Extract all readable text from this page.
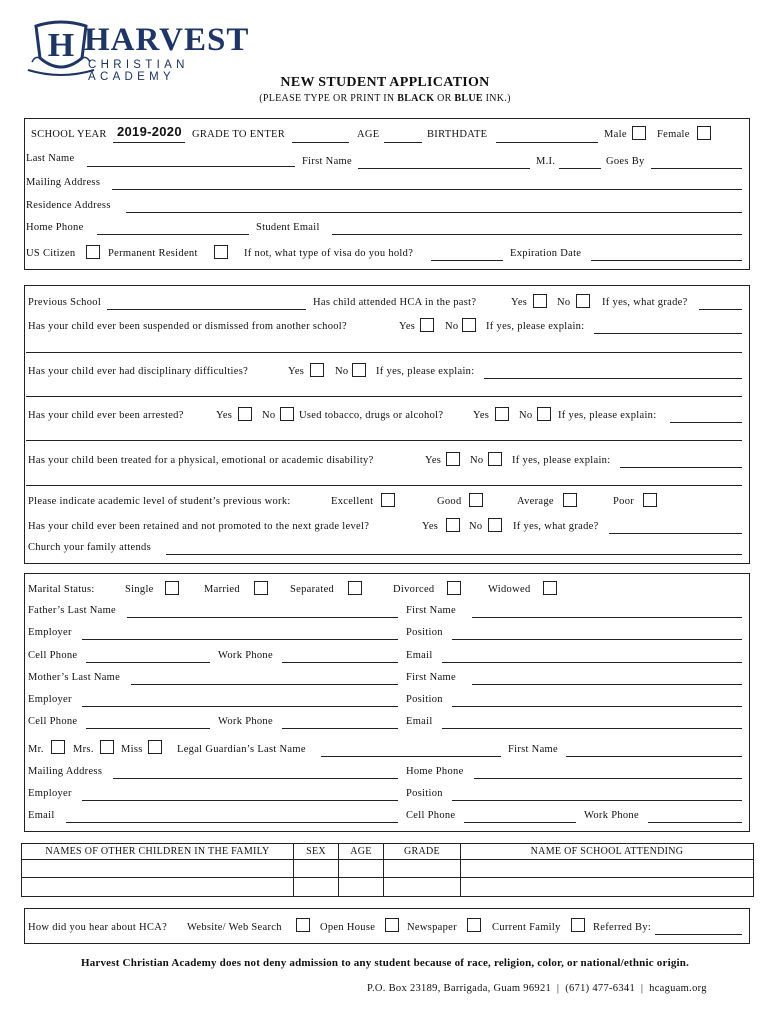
H HARVEST
CHRISTIAN ACADEMY	NEW STUDENT APPLICATION
(PLEASE TYPE OR PRINT IN BLACK OR BLUE INK.)
SCHOOL YEAR 2019-2020 GRADE TO ENTER	AGE	BIRTHDATE	Male	Female
Last Name	First Name	M.I.	Goes By
Mailing Address
Residence Address
Home Phone	Student Email
US Citizen	Permanent Resident	If not, what type of visa do you hold?	Expiration Date
Previous School	Has child attended HCA in the past?	Yes	No	If yes, what grade?
Has your child ever been suspended or dismissed from another school?	Yes	No	If yes, please explain:
Has your child ever had disciplinary difficulties?	Yes	No	If yes, please explain:
Has your child ever been arrested?	Yes	No Used tobacco, drugs or alcohol?	Yes	No If yes, please explain:
Has your child been treated for a physical, emotional or academic disability?	Yes	No	If yes, please explain:
Please indicate academic level of student’s previous work:	Excellent	Good	Average	Poor
Has your child ever been retained and not promoted to the next grade level?	Yes	No	If yes, what grade?
Church your family attends
Marital Status:	Single	Married	Separated	Divorced	Widowed
Father’s Last Name	First Name
Employer	Position
Cell Phone	Work Phone	Email
Mother’s Last Name	First Name
Employer	Position
Cell Phone	Work Phone	Email
Mr.	Mrs.	Miss	Legal Guardian’s Last Name	First Name
Mailing Address	Home Phone
Employer	Position
Email	Cell Phone	Work Phone
NAMES OF OTHER CHILDREN IN THE FAMILY	SEX	AGE	GRADE	NAME OF SCHOOL ATTENDING

How did you hear about HCA? Website/ Web Search	Open House	Newspaper	Current Family	Referred By:
Harvest Christian Academy does not deny admission to any student because of race, religion, color, or national/ethnic origin.
P.O. Box 23189, Barrigada, Guam 96921  |  (671) 477-6341  |  hcaguam.org
